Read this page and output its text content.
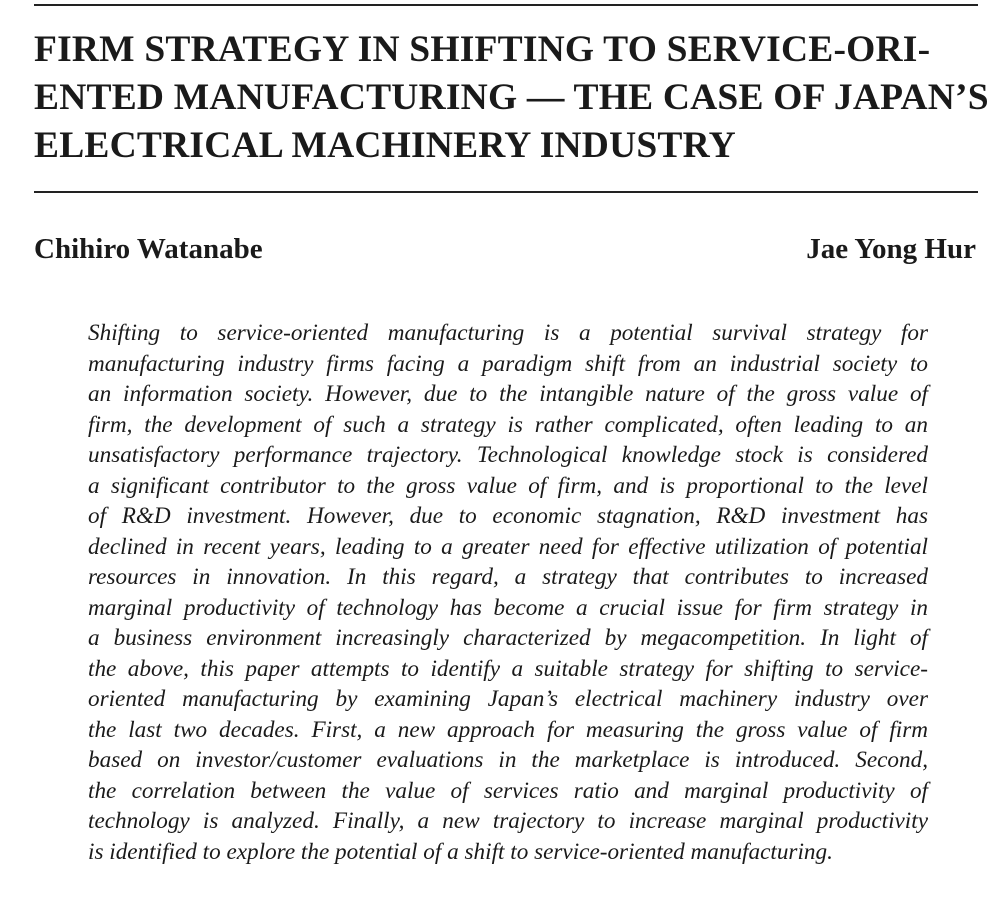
FIRM STRATEGY IN SHIFTING TO SERVICE-ORI-
ENTED MANUFACTURING — THE CASE OF JAPAN’S
ELECTRICAL MACHINERY INDUSTRY

Chihiro Watanabe	Jae Yong Hur

Shifting to service-oriented manufacturing is a potential survival strategy for
manufacturing industry firms facing a paradigm shift from an industrial society to
an information society. However, due to the intangible nature of the gross value of
firm, the development of such a strategy is rather complicated, often leading to an
unsatisfactory performance trajectory. Technological knowledge stock is considered
a significant contributor to the gross value of firm, and is proportional to the level
of R&D investment. However, due to economic stagnation, R&D investment has
declined in recent years, leading to a greater need for effective utilization of potential
resources in innovation. In this regard, a strategy that contributes to increased
marginal productivity of technology has become a crucial issue for firm strategy in
a business environment increasingly characterized by megacompetition. In light of
the above, this paper attempts to identify a suitable strategy for shifting to service-
oriented manufacturing by examining Japan’s electrical machinery industry over
the last two decades. First, a new approach for measuring the gross value of firm
based on investor/customer evaluations in the marketplace is introduced. Second,
the correlation between the value of services ratio and marginal productivity of
technology is analyzed. Finally, a new trajectory to increase marginal productivity
is identified to explore the potential of a shift to service-oriented manufacturing.
